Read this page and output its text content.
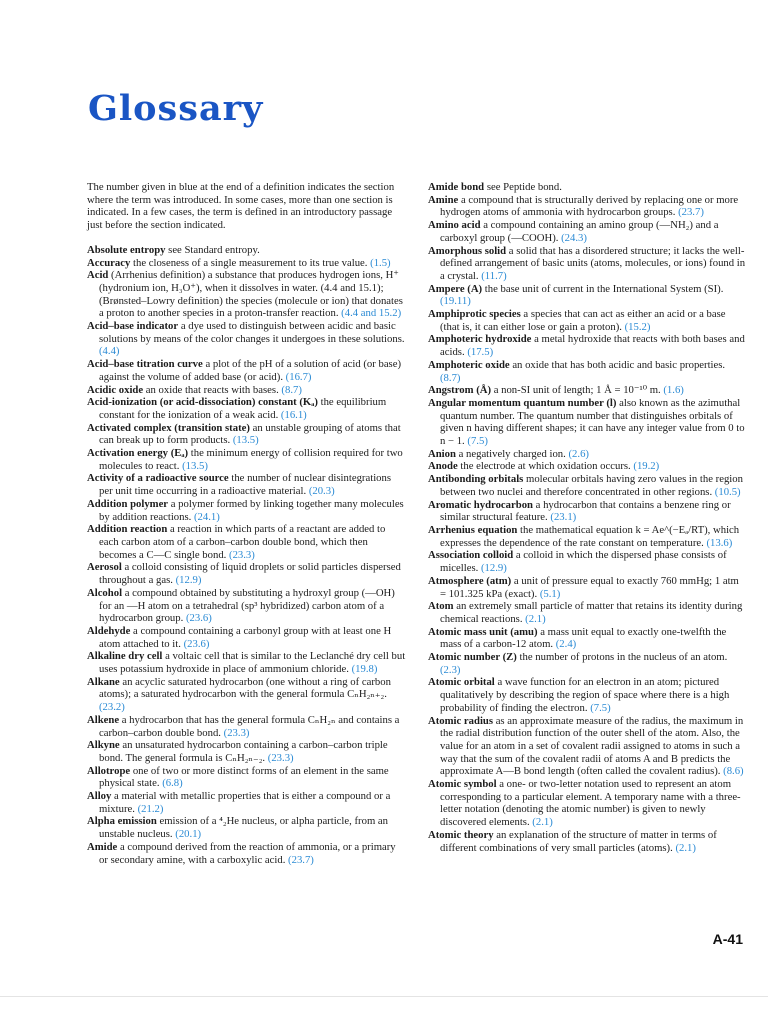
Glossary

The number given in blue at the end of a definition indicates the section where the term was introduced. In some cases, more than one section is indicated. In a few cases, the term is defined in an introductory passage just before the section indicated.

Absolute entropy see Standard entropy.

Accuracy the closeness of a single measurement to its true value. (1.5)

Acid (Arrhenius definition) a substance that produces hydrogen ions, H⁺ (hydronium ion, H₃O⁺), when it dissolves in water. (4.4 and 15.1); (Brønsted–Lowry definition) the species (molecule or ion) that donates a proton to another species in a proton-transfer reaction. (4.4 and 15.2)

Acid–base indicator a dye used to distinguish between acidic and basic solutions by means of the color changes it undergoes in these solutions. (4.4)

Acid–base titration curve a plot of the pH of a solution of acid (or base) against the volume of added base (or acid). (16.7)

Acidic oxide an oxide that reacts with bases. (8.7)

Acid-ionization (or acid-dissociation) constant (Kₐ) the equilibrium constant for the ionization of a weak acid. (16.1)

Activated complex (transition state) an unstable grouping of atoms that can break up to form products. (13.5)

Activation energy (Eₐ) the minimum energy of collision required for two molecules to react. (13.5)

Activity of a radioactive source the number of nuclear disintegrations per unit time occurring in a radioactive material. (20.3)

Addition polymer a polymer formed by linking together many molecules by addition reactions. (24.1)

Addition reaction a reaction in which parts of a reactant are added to each carbon atom of a carbon–carbon double bond, which then becomes a C—C single bond. (23.3)

Aerosol a colloid consisting of liquid droplets or solid particles dispersed throughout a gas. (12.9)

Alcohol a compound obtained by substituting a hydroxyl group (—OH) for an —H atom on a tetrahedral (sp³ hybridized) carbon atom of a hydrocarbon group. (23.6)

Aldehyde a compound containing a carbonyl group with at least one H atom attached to it. (23.6)

Alkaline dry cell a voltaic cell that is similar to the Leclanché dry cell but uses potassium hydroxide in place of ammonium chloride. (19.8)

Alkane an acyclic saturated hydrocarbon (one without a ring of carbon atoms); a saturated hydrocarbon with the general formula CₙH₂ₙ₊₂. (23.2)

Alkene a hydrocarbon that has the general formula CₙH₂ₙ and contains a carbon–carbon double bond. (23.3)

Alkyne an unsaturated hydrocarbon containing a carbon–carbon triple bond. The general formula is CₙH₂ₙ₋₂. (23.3)

Allotrope one of two or more distinct forms of an element in the same physical state. (6.8)

Alloy a material with metallic properties that is either a compound or a mixture. (21.2)

Alpha emission emission of a ⁴₂He nucleus, or alpha particle, from an unstable nucleus. (20.1)

Amide a compound derived from the reaction of ammonia, or a primary or secondary amine, with a carboxylic acid. (23.7)

Amide bond see Peptide bond.

Amine a compound that is structurally derived by replacing one or more hydrogen atoms of ammonia with hydrocarbon groups. (23.7)

Amino acid a compound containing an amino group (—NH₂) and a carboxyl group (—COOH). (24.3)

Amorphous solid a solid that has a disordered structure; it lacks the well-defined arrangement of basic units (atoms, molecules, or ions) found in a crystal. (11.7)

Ampere (A) the base unit of current in the International System (SI). (19.11)

Amphiprotic species a species that can act as either an acid or a base (that is, it can either lose or gain a proton). (15.2)

Amphoteric hydroxide a metal hydroxide that reacts with both bases and acids. (17.5)

Amphoteric oxide an oxide that has both acidic and basic properties. (8.7)

Angstrom (Å) a non-SI unit of length; 1 Å = 10⁻¹⁰ m. (1.6)

Angular momentum quantum number (l) also known as the azimuthal quantum number. The quantum number that distinguishes orbitals of given n having different shapes; it can have any integer value from 0 to n − 1. (7.5)

Anion a negatively charged ion. (2.6)

Anode the electrode at which oxidation occurs. (19.2)

Antibonding orbitals molecular orbitals having zero values in the region between two nuclei and therefore concentrated in other regions. (10.5)

Aromatic hydrocarbon a hydrocarbon that contains a benzene ring or similar structural feature. (23.1)

Arrhenius equation the mathematical equation k = Ae^(−Eₐ/RT), which expresses the dependence of the rate constant on temperature. (13.6)

Association colloid a colloid in which the dispersed phase consists of micelles. (12.9)

Atmosphere (atm) a unit of pressure equal to exactly 760 mmHg; 1 atm = 101.325 kPa (exact). (5.1)

Atom an extremely small particle of matter that retains its identity during chemical reactions. (2.1)

Atomic mass unit (amu) a mass unit equal to exactly one-twelfth the mass of a carbon-12 atom. (2.4)

Atomic number (Z) the number of protons in the nucleus of an atom. (2.3)

Atomic orbital a wave function for an electron in an atom; pictured qualitatively by describing the region of space where there is a high probability of finding the electron. (7.5)

Atomic radius as an approximate measure of the radius, the maximum in the radial distribution function of the outer shell of the atom. Also, the value for an atom in a set of covalent radii assigned to atoms in such a way that the sum of the covalent radii of atoms A and B predicts the approximate A—B bond length (often called the covalent radius). (8.6)

Atomic symbol a one- or two-letter notation used to represent an atom corresponding to a particular element. A temporary name with a three-letter notation (denoting the atomic number) is given to newly discovered elements. (2.1)

Atomic theory an explanation of the structure of matter in terms of different combinations of very small particles (atoms). (2.1)

A-41
